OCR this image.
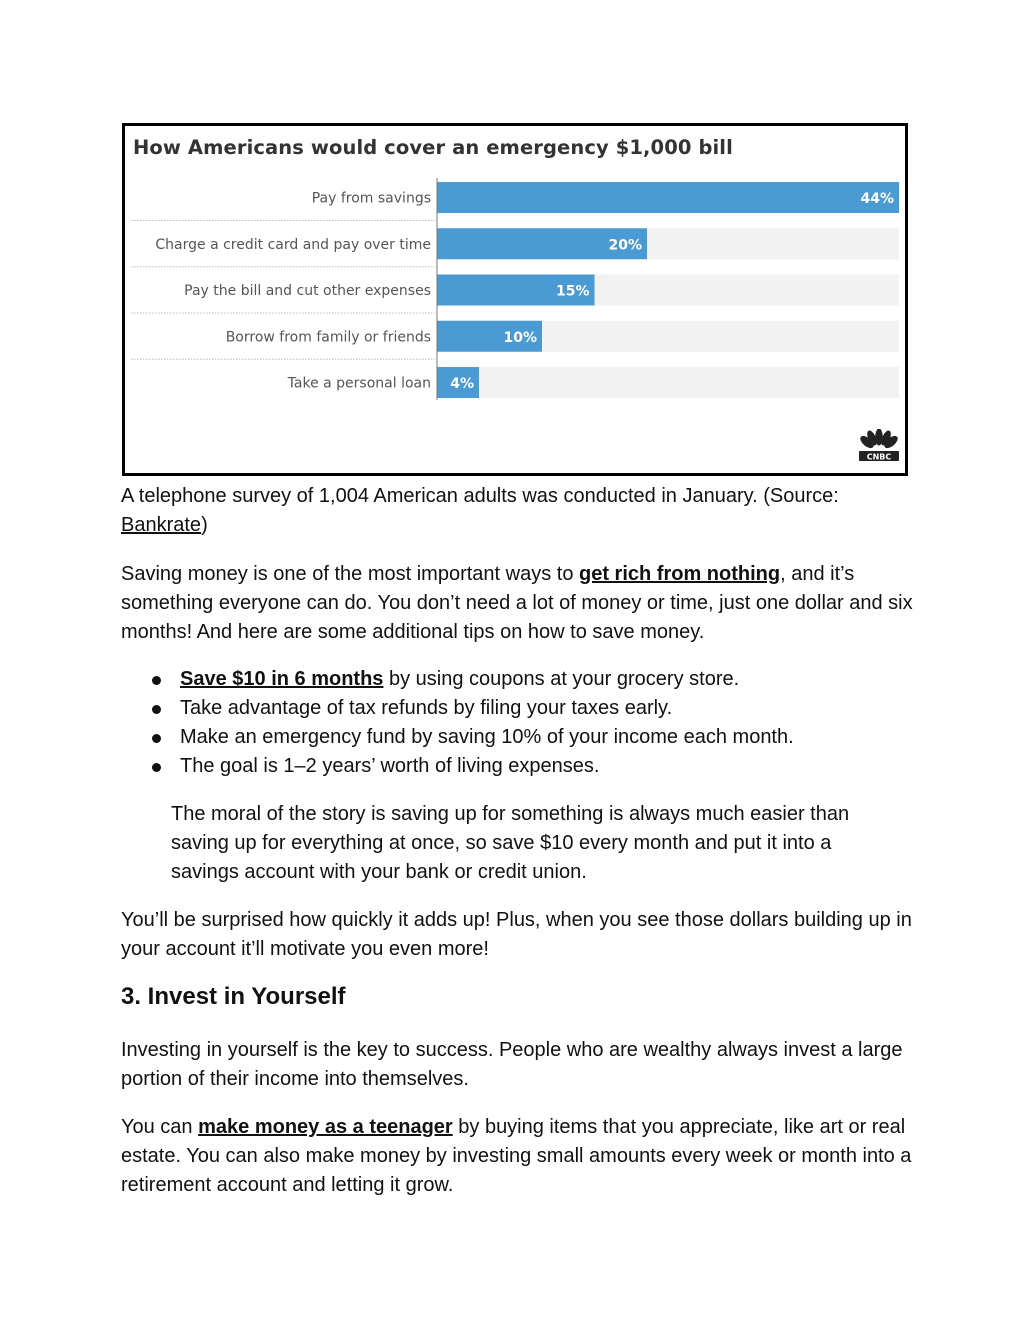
How Americans would cover an emergency $1,000 bill
44%
Pay from savings
20%
Charge a credit card and pay over time
15%
Pay the bill and cut other expenses
10%
Borrow from family or friends
4%
Take a personal loan
CNBC

A telephone survey of 1,004 American adults was conducted in January. (Source: Bankrate)

Saving money is one of the most important ways to get rich from nothing, and it’s something everyone can do. You don’t need a lot of money or time, just one dollar and six months! And here are some additional tips on how to save money.

Save $10 in 6 months by using coupons at your grocery store.
Take advantage of tax refunds by filing your taxes early.
Make an emergency fund by saving 10% of your income each month.
The goal is 1–2 years’ worth of living expenses.

The moral of the story is saving up for something is always much easier than saving up for everything at once, so save $10 every month and put it into a savings account with your bank or credit union.

You’ll be surprised how quickly it adds up! Plus, when you see those dollars building up in your account it’ll motivate you even more!

3. Invest in Yourself

Investing in yourself is the key to success. People who are wealthy always invest a large portion of their income into themselves.

You can make money as a teenager by buying items that you appreciate, like art or real estate. You can also make money by investing small amounts every week or month into a retirement account and letting it grow.
